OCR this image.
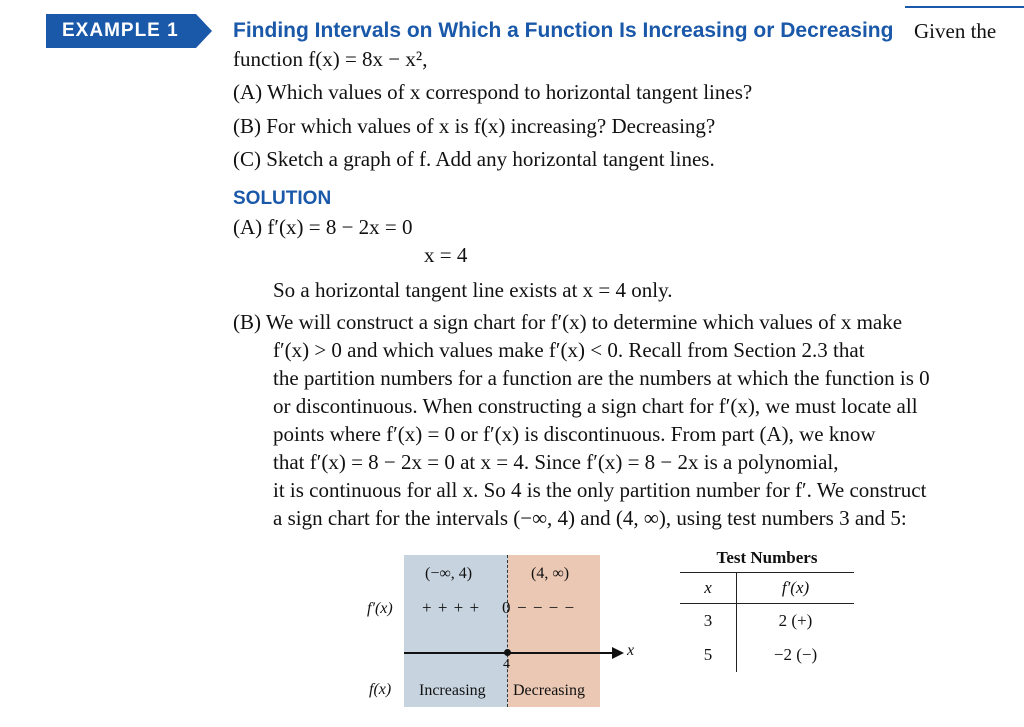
EXAMPLE 1	Finding Intervals on Which a Function Is Increasing or Decreasing Given the
function f(x) = 8x − x²,
(A) Which values of x correspond to horizontal tangent lines?
(B) For which values of x is f(x) increasing? Decreasing?
(C) Sketch a graph of f. Add any horizontal tangent lines.
SOLUTION
(A) f′(x) = 8 − 2x = 0
x = 4
So a horizontal tangent line exists at x = 4 only.
(B) We will construct a sign chart for f′(x) to determine which values of x make
f′(x) > 0 and which values make f′(x) < 0. Recall from Section 2.3 that
the partition numbers for a function are the numbers at which the function is 0
or discontinuous. When constructing a sign chart for f′(x), we must locate all
points where f′(x) = 0 or f′(x) is discontinuous. From part (A), we know
that f′(x) = 8 − 2x = 0 at x = 4. Since f′(x) = 8 − 2x is a polynomial,
it is continuous for all x. So 4 is the only partition number for f′. We construct
a sign chart for the intervals (−∞, 4) and (4, ∞), using test numbers 3 and 5:
(−∞, 4)	(4, ∞)
f′(x) + + + + 0 − − − −
x
4
f(x) Increasing Decreasing
Test Numbers
x	f′(x)
3	2 (+)
5	−2 (−)
